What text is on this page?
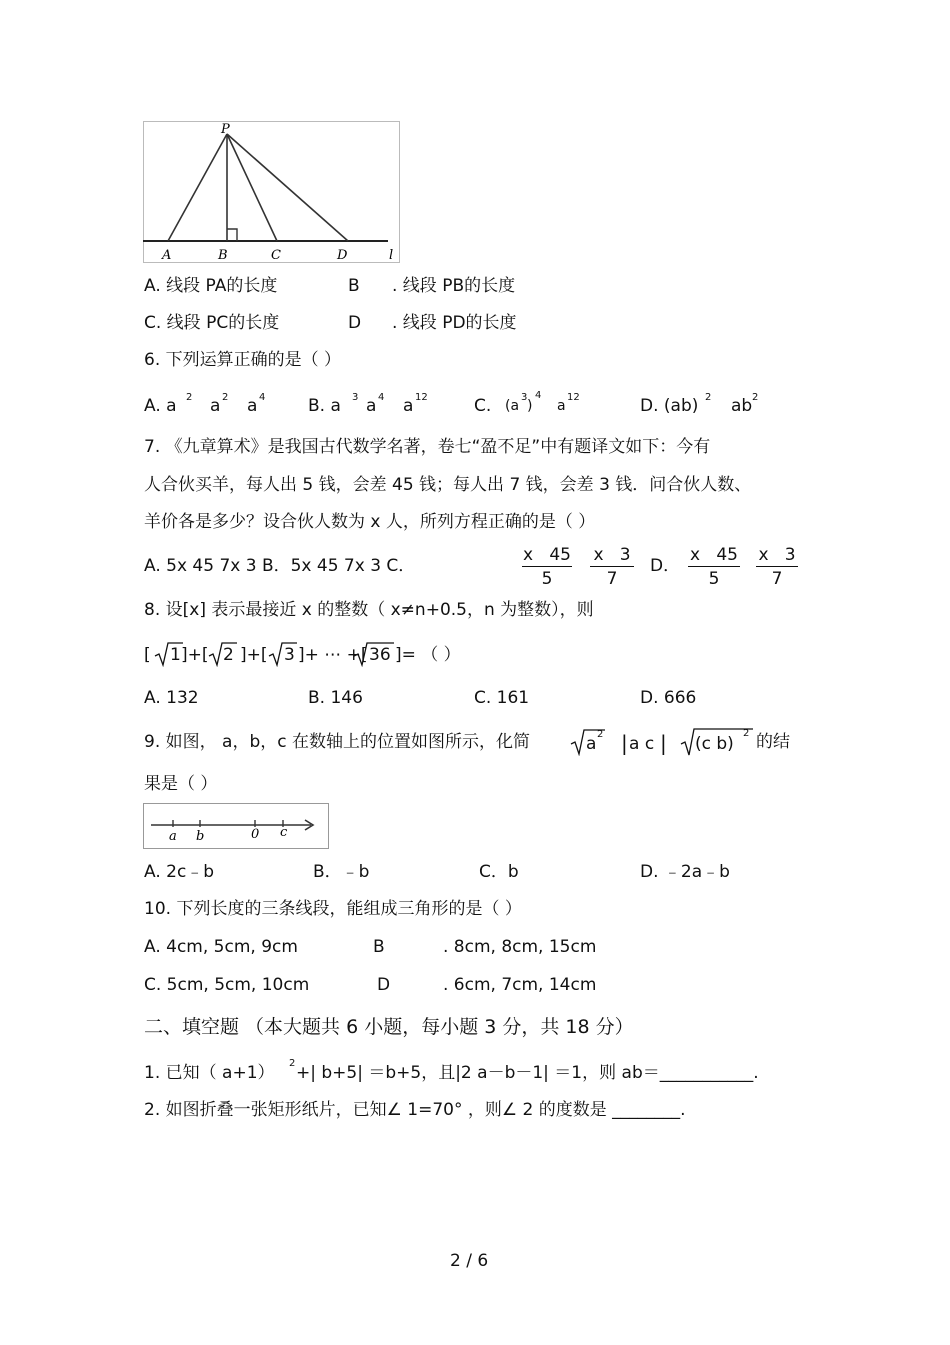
P
A	B	C	D	l
A. 线段 PA的长度	B . 线段 PB的长度
C. 线段 PC的长度	D . 线段 PD的长度
6. 下列运算正确的是（ ）
A. a 2 a 2 a 4	B. a 3 a 4 a 12	C. (a
3
)
4
a
12	D. (ab) 2 ab 2
7. 《九章算术》是我国古代数学名著，卷七“盈不足”中有题译文如下：今有
人合伙买羊，每人出 5 钱，会差 45 钱；每人出 7 钱，会差 3 钱．问合伙人数、
羊价各是多少？设合伙人数为 x 人，所列方程正确的是（ ）
A. 5x 45 7x 3 B．5x 45 7x 3 C．
x   45
5
x   3
7
D．
x   45
5
x   3
7
8. 设[x] 表示最接近 x 的整数（ x≠n+0.5，n 为整数），则
[ 1 ]+[ 2 ]+[ 3 ]+ ⋯ +[ 36 ]= （ ）
A. 132	B. 146	C. 161	D. 666
9. 如图， a，b，c 在数轴上的位置如图所示，化简	a 2 | a c | (c b)
2 的结
果是（ ）
a b	0 c
A. 2c﹣b	B．﹣b	C．b	D. ﹣2a﹣b
10. 下列长度的三条线段，能组成三角形的是（ ）
A. 4cm, 5cm, 9cm	B	. 8cm, 8cm, 15cm
C. 5cm, 5cm, 10cm	D	. 6cm, 7cm, 14cm
二、填空题 （本大题共 6 小题，每小题 3 分，共 18 分）
1. 已知（ a+1） 2 +| b+5| ＝b+5，且|2 a－b－1| ＝1，则 ab＝___________.
2. 如图折叠一张矩形纸片，已知∠ 1=70° ，则∠ 2 的度数是 ________.
2 / 6
